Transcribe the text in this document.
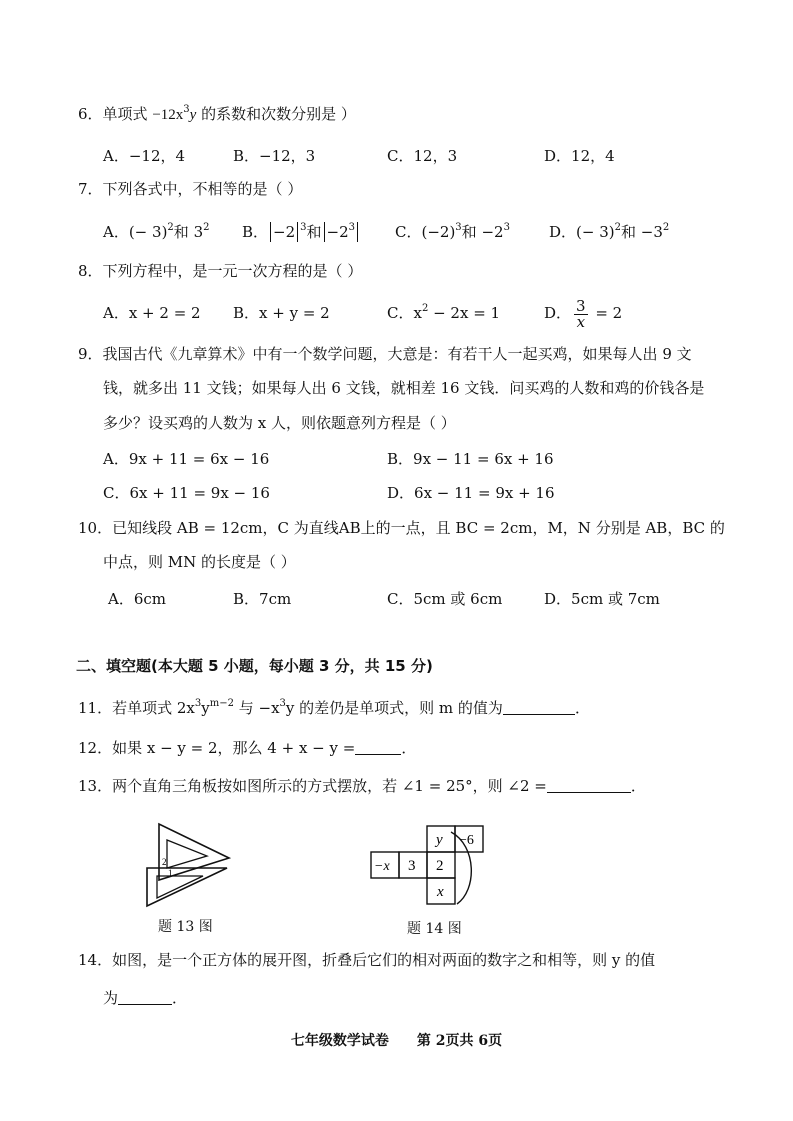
6．单项式 $-12x^3y$ 的系数和次数分别是 ）
A．−12，4	B．−12，3	C．12，3	D．12，4
7．下列各式中，不相等的是（ ）
A．(− 3)$^2$和 $3^2$ B． −2 $^3$和 $-2^3$	C．$(-2)^3$和 $-2^3$	D．(− 3)$^2$和 $-3^2$
8．下列方程中，是一元一次方程的是（ ）
A．x + 2 = 2 B．x + y = 2	C．$x^2 - 2x = 1$	D． $\frac{3}{x} = 2$
9．我国古代《九章算术》中有一个数学问题，大意是：有若干人一起买鸡，如果每人出 9 文
钱，就多出 11 文钱；如果每人出 6 文钱，就相差 16 文钱．问买鸡的人数和鸡的价钱各是
多少？设买鸡的人数为 x 人，则依题意列方程是（ ）
A．9x + 11 = 6x − 16	B．9x − 11 = 6x + 16
C．6x + 11 = 9x − 16	D．6x − 11 = 9x + 16
10．已知线段 AB = 12cm，C 为直线AB上的一点，且 BC = 2cm，M，N 分别是 AB，BC 的
中点，则 MN 的长度是（ ）
A．6cm	B．7cm	C．5cm 或 6cm	D．5cm 或 7cm
二、填空题(本大题 5 小题，每小题 3 分，共 15 分)
11．若单项式 $2x^3y^{m-2}$ 与 $-x^3y$ 的差仍是单项式，则 m 的值为	．
12．如果 x − y = 2，那么 4 + x − y =	．
13．两个直角三角板按如图所示的方式摆放，若 ∠1 = 25°，则 ∠2 =	．
2
1
题 13 图
y −6
−x 3 2
x
题 14 图
14．如图，是一个正方体的展开图，折叠后它们的相对两面的数字之和相等，则 y 的值
为	．
七年级数学试卷 第 2页共 6页
